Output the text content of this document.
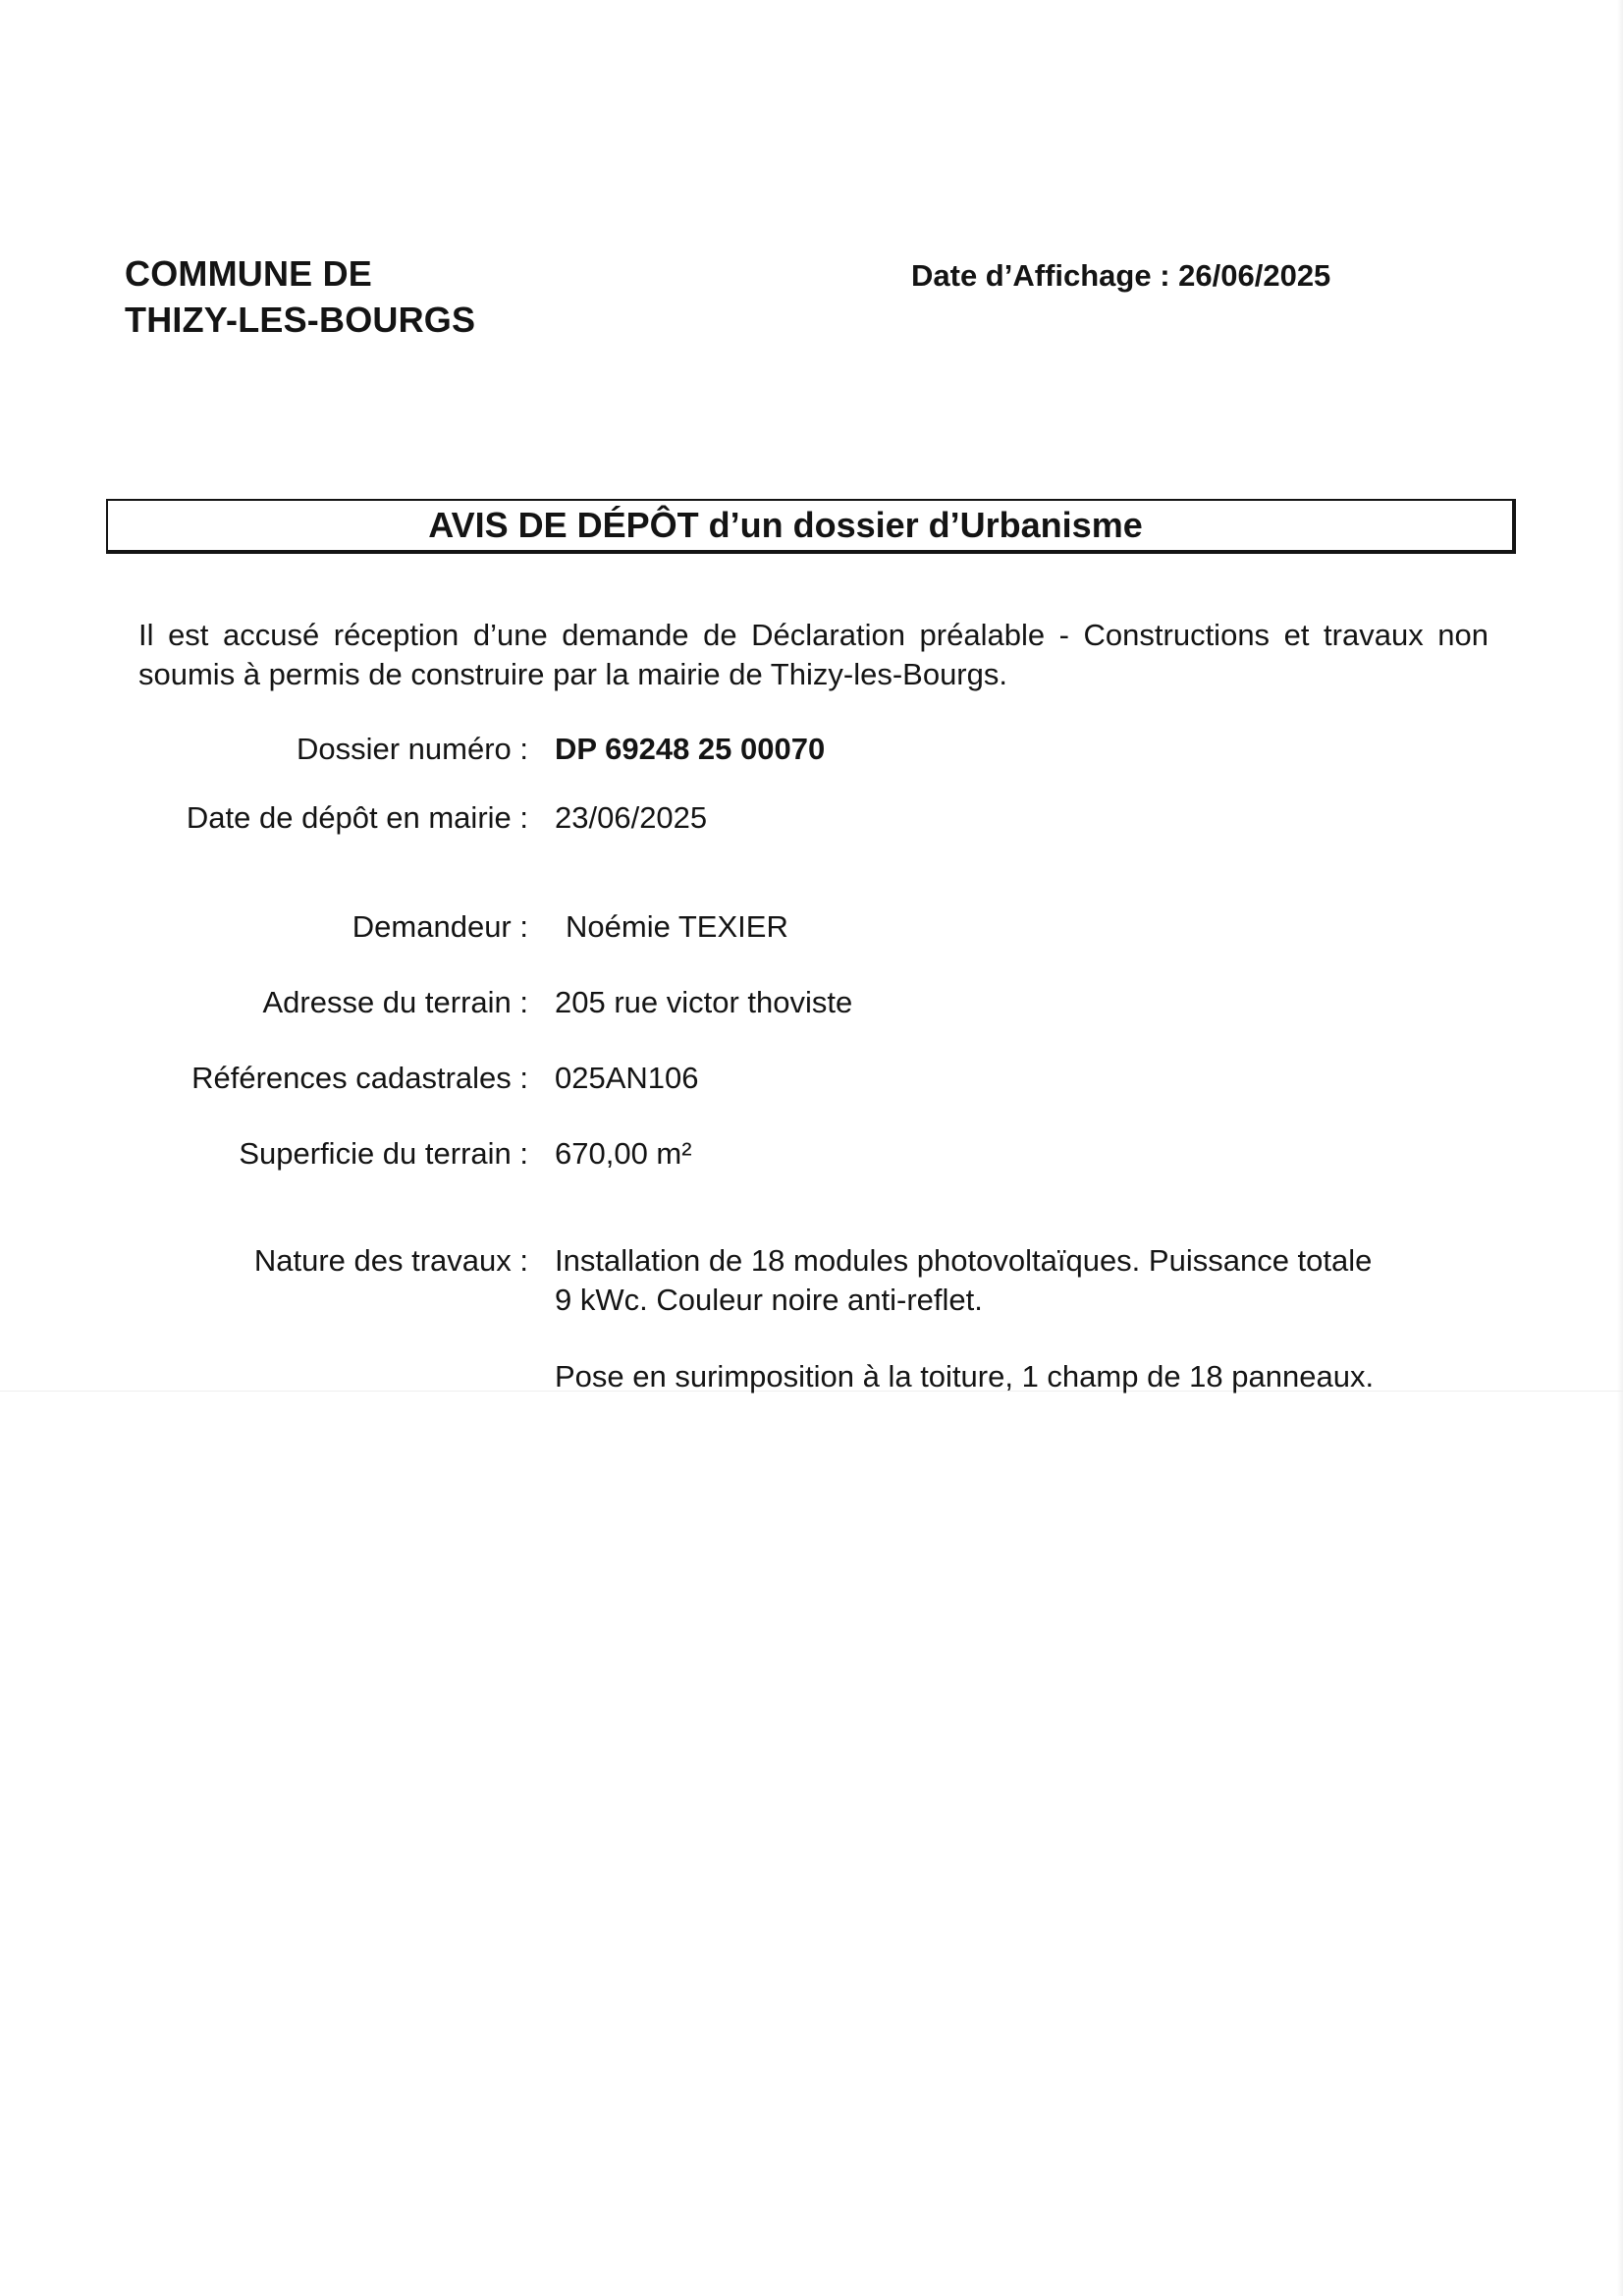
COMMUNE DE
THIZY-LES-BOURGS
Date d’Affichage : 26/06/2025
AVIS DE DÉPÔT d’un dossier d’Urbanisme
Il est accusé réception d’une demande de Déclaration préalable - Constructions et travaux non soumis à permis de construire par la mairie de Thizy-les-Bourgs.
Dossier numéro : DP 69248 25 00070
Date de dépôt en mairie : 23/06/2025
Demandeur : Noémie TEXIER
Adresse du terrain : 205 rue victor thoviste
Références cadastrales : 025AN106
Superficie du terrain : 670,00 m²
Nature des travaux : Installation de 18 modules photovoltaïques. Puissance totale 9 kWc. Couleur noire anti-reflet.

Pose en surimposition à la toiture, 1 champ de 18 panneaux.
